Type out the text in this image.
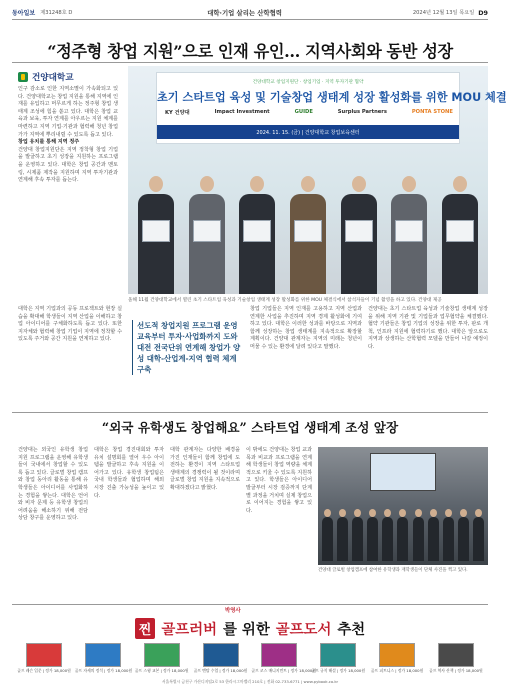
동아일보 제31248호 D	대학·기업 살리는 산학협력	2024년 12월 13일 목요일 D9
“정주형 창업 지원”으로 인재 유인… 지역사회와 동반 성장
건양대학교
인구 감소로 인한 지역소멸이 가속화되고 있다. 건양대학교는 창업 지원을 통해 지역에 인재를 유입하고 머무르게 하는 정주형 창업 생태계 조성에 힘을 쏟고 있다. 대학은 창업 교육과 보육, 투자 연계를 아우르는 지원 체계를 마련하고 지역 기업·기관과 협력해 청년 창업가가 지역에 뿌리내릴 수 있도록 돕고 있다.
창업 유치를 통해 지역 정주
건양대 창업지원단은 지역 정착형 창업 기업을 발굴하고 초기 성장을 지원하는 프로그램을 운영하고 있다. 대학은 창업 공간과 멘토링, 시제품 제작을 지원하며 지역 투자기관과 연계해 후속 투자를 돕는다.
건양대학교 창업지원단 · 창업기업 · 지역 투자기관 협약
초기 스타트업 육성 및 기술창업 생태계 성장 활성화를 위한 MOU 체결
KY 건양대	Impact Investment	GUIDE	Surplus Partners	PONTA STONE
2024. 11. 15. (금) | 건양대학교 창업보육센터
올해 11월 건양대학교에서 열린 초기 스타트업 육성과 기술창업 생태계 성장 활성화를 위한 MOU 체결식에서 참석자들이 기념 촬영을 하고 있다. 건양대 제공
선도적 창업지원 프로그램 운영 교육부터 투자·사업화까지 도와 대전 전국단위 연계해 창업가 양성 대학-산업계-지역 협력 체계 구축
창업 기업들은 지역 인재를 고용하고 지역 산업과 연계한 사업을 추진하며 지역 경제 활성화에 기여하고 있다. 대학은 이러한 성과를 바탕으로 지역과 함께 성장하는 창업 생태계를 지속적으로 확장할 계획이다. 건양대 관계자는 지역의 미래는 청년이 머물 수 있는 환경에 달려 있다고 말했다.
건양대는 초기 스타트업 육성과 기술창업 생태계 성장을 위해 지역 기관 및 기업들과 업무협약을 체결했다. 협약 기관들은 창업 기업의 성장을 위한 투자, 판로 개척, 인프라 지원에 협력하기로 했다. 대학은 앞으로도 지역과 상생하는 산학협력 모델을 만들어 나갈 예정이다.
대학은 지역 기업과의 공동 프로젝트와 현장 실습을 확대해 학생들이 지역 산업을 이해하고 창업 아이디어를 구체화하도록 돕고 있다. 또한 지자체와 협력해 창업 기업이 지역에 정착할 수 있도록 주거와 공간 지원을 연계하고 있다.
“외국 유학생도 창업해요” 스타트업 생태계 조성 앞장
건양대는 외국인 유학생 창업 지원 프로그램을 운영해 유학생들이 국내에서 창업할 수 있도록 돕고 있다. 글로벌 창업 캠프와 창업 동아리 활동을 통해 유학생들은 아이디어를 사업화하는 경험을 쌓는다. 대학은 언어와 비자 문제 등 유학생 창업의 어려움을 해소하기 위해 전담 상담 창구를 운영하고 있다.
대학은 창업 경진대회와 투자 유치 설명회를 열어 우수 아이템을 발굴하고 후속 지원을 이어가고 있다. 유학생 창업팀은 국내 학생들과 협업하며 해외 시장 진출 가능성을 높이고 있다.
대학 관계자는 다양한 배경을 가진 인재들이 함께 창업에 도전하는 환경이 지역 스타트업 생태계의 경쟁력이 될 것이라며 글로벌 창업 지원을 지속적으로 확대하겠다고 밝혔다.
이 밖에도 건양대는 창업 교과목과 비교과 프로그램을 연계해 학생들이 창업 역량을 체계적으로 키울 수 있도록 지원하고 있다. 학생들은 아이디어 발굴부터 시장 검증까지 단계별 과정을 거치며 실제 창업으로 이어지는 경험을 쌓고 있다.
건양대 글로벌 창업캠프에 참여한 유학생과 재학생들이 단체 사진을 찍고 있다.
박영사
찐 골프러버 를 위한 골프도서 추천
골프 레슨 입문 | 정가 18,000원	골프 자세의 정석 | 정가 18,000원 골프 스윙 교본 | 정가 18,000원	골프 멘탈 수업 | 정가 18,000원	골프 코스 매니지먼트 | 정가 18,000원
골프 규칙 해설 | 정가 18,000원	골프 피트니스 | 정가 18,000원	골프 역사 산책 | 정가 18,000원
서울특별시 금천구 가산디지털2로 53 한라시그마밸리 210호 | 전화 02-733-6771 | www.pybook.co.kr
